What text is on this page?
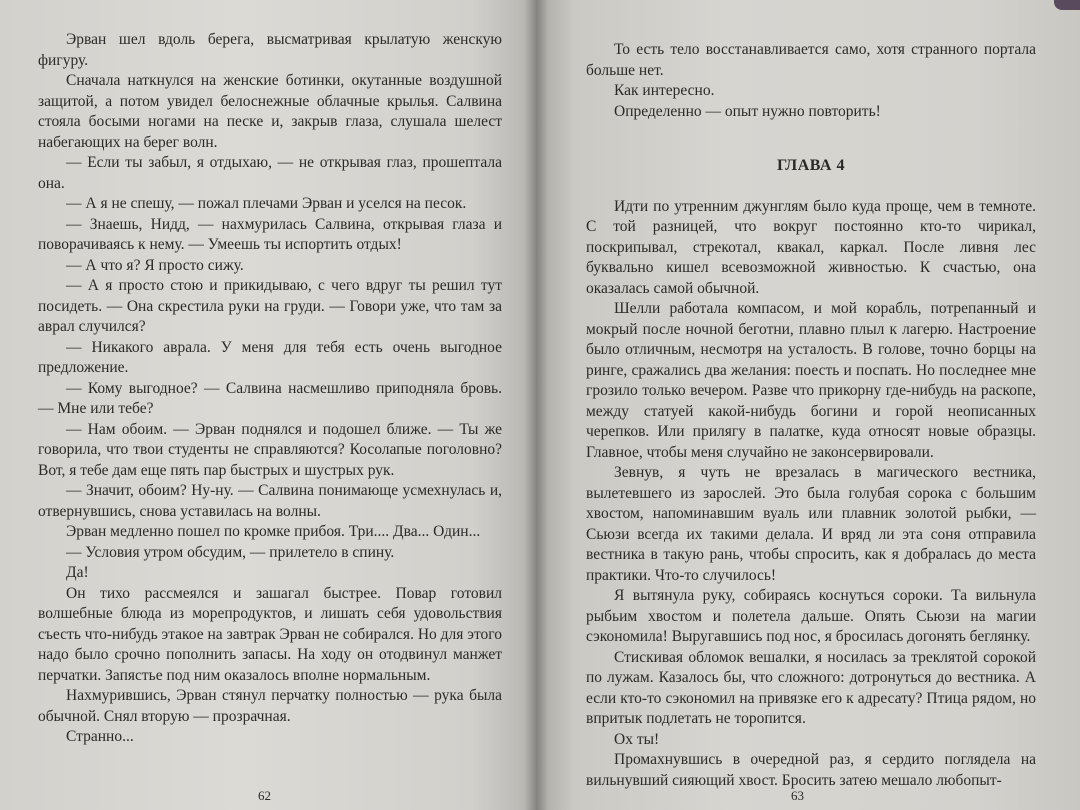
Эрван шел вдоль берега, высматривая крылатую женскую фигуру.

Сначала наткнулся на женские ботинки, окутанные воздушной защитой, а потом увидел белоснежные облачные крылья. Салвина стояла босыми ногами на песке и, закрыв глаза, слушала шелест набегающих на берег волн.

— Если ты забыл, я отдыхаю, — не открывая глаз, прошептала она.

— А я не спешу, — пожал плечами Эрван и уселся на песок.

— Знаешь, Нидд, — нахмурилась Салвина, открывая глаза и поворачиваясь к нему. — Умеешь ты испортить отдых!

— А что я? Я просто сижу.

— А я просто стою и прикидываю, с чего вдруг ты решил тут посидеть. — Она скрестила руки на груди. — Говори уже, что там за аврал случился?

— Никакого аврала. У меня для тебя есть очень выгодное предложение.

— Кому выгодное? — Салвина насмешливо приподняла бровь. — Мне или тебе?

— Нам обоим. — Эрван поднялся и подошел ближе. — Ты же говорила, что твои студенты не справляются? Косолапые поголовно? Вот, я тебе дам еще пять пар быстрых и шустрых рук.

— Значит, обоим? Ну-ну. — Салвина понимающе усмехнулась и, отвернувшись, снова уставилась на волны.

Эрван медленно пошел по кромке прибоя. Три.... Два... Один...

— Условия утром обсудим, — прилетело в спину.

Да!

Он тихо рассмеялся и зашагал быстрее. Повар готовил волшебные блюда из морепродуктов, и лишать себя удовольствия съесть что-нибудь этакое на завтрак Эрван не собирался. Но для этого надо было срочно пополнить запасы. На ходу он отодвинул манжет перчатки. Запястье под ним оказалось вполне нормальным.

Нахмурившись, Эрван стянул перчатку полностью — рука была обычной. Снял вторую — прозрачная.

Странно...

62

То есть тело восстанавливается само, хотя странного портала больше нет.

Как интересно.

Определенно — опыт нужно повторить!

ГЛАВА 4

Идти по утренним джунглям было куда проще, чем в темноте. С той разницей, что вокруг постоянно кто-то чирикал, поскрипывал, стрекотал, квакал, каркал. После ливня лес буквально кишел всевозможной живностью. К счастью, она оказалась самой обычной.

Шелли работала компасом, и мой корабль, потрепанный и мокрый после ночной беготни, плавно плыл к лагерю. Настроение было отличным, несмотря на усталость. В голове, точно борцы на ринге, сражались два желания: поесть и поспать. Но последнее мне грозило только вечером. Разве что прикорну где-нибудь на раскопе, между статуей какой-нибудь богини и горой неописанных черепков. Или прилягу в палатке, куда относят новые образцы. Главное, чтобы меня случайно не законсервировали.

Зевнув, я чуть не врезалась в магического вестника, вылетевшего из зарослей. Это была голубая сорока с большим хвостом, напоминавшим вуаль или плавник золотой рыбки, — Сьюзи всегда их такими делала. И вряд ли эта соня отправила вестника в такую рань, чтобы спросить, как я добралась до места практики. Что-то случилось!

Я вытянула руку, собираясь коснуться сороки. Та вильнула рыбьим хвостом и полетела дальше. Опять Сьюзи на магии сэкономила! Выругавшись под нос, я бросилась догонять беглянку.

Стискивая обломок вешалки, я носилась за треклятой сорокой по лужам. Казалось бы, что сложного: дотронуться до вестника. А если кто-то сэкономил на привязке его к адресату? Птица рядом, но впритык подлетать не торопится.

Ох ты!

Промахнувшись в очередной раз, я сердито поглядела на вильнувший сияющий хвост. Бросить затею мешало любопыт-

63
